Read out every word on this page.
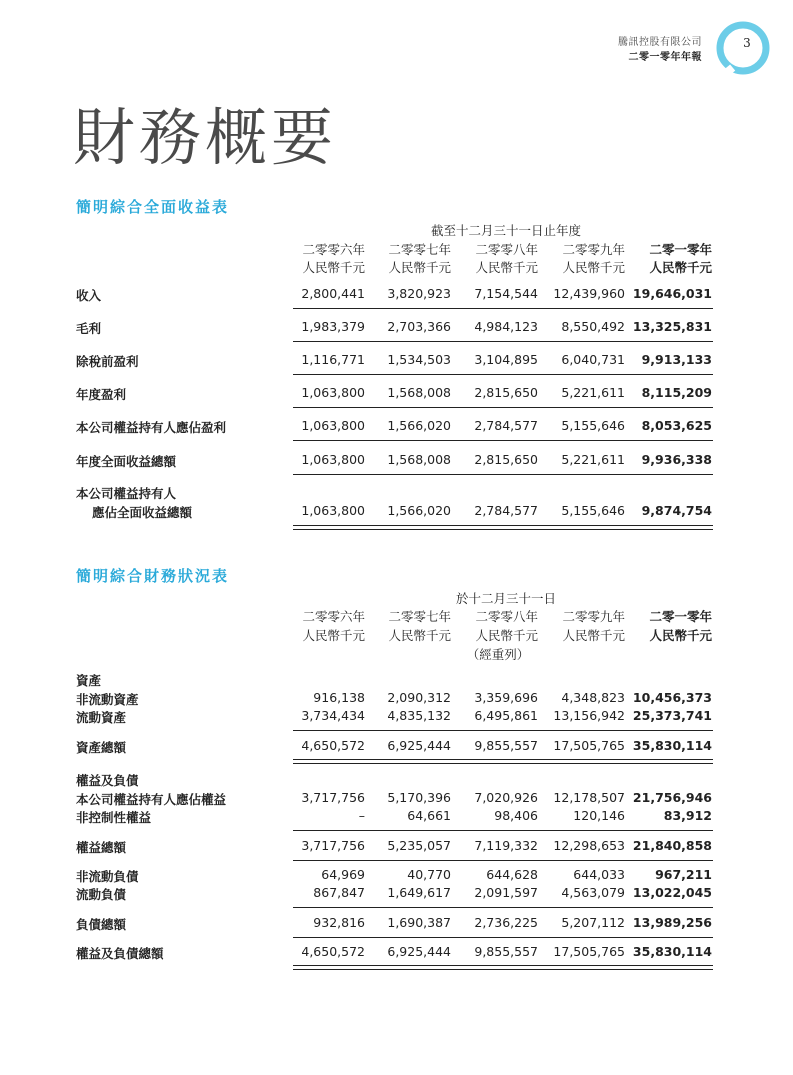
騰訊控股有限公司
二零一零年年報
3
財務概要
簡明綜合全面收益表
截至十二月三十一日止年度
二零零六年	二零零七年	二零零八年	二零零九年	二零一零年
人民幣千元	人民幣千元	人民幣千元	人民幣千元	人民幣千元
收入	2,800,441	3,820,923	7,154,544	12,439,960 19,646,031
毛利	1,983,379	2,703,366	4,984,123	8,550,492 13,325,831
除稅前盈利	1,116,771	1,534,503	3,104,895	6,040,731	9,913,133
年度盈利	1,063,800	1,568,008	2,815,650	5,221,611	8,115,209
本公司權益持有人應佔盈利	1,063,800	1,566,020	2,784,577	5,155,646	8,053,625
年度全面收益總額	1,063,800	1,568,008	2,815,650	5,221,611	9,936,338
本公司權益持有人
應佔全面收益總額	1,063,800	1,566,020	2,784,577	5,155,646	9,874,754
簡明綜合財務狀況表
於十二月三十一日
二零零六年	二零零七年	二零零八年	二零零九年	二零一零年
人民幣千元	人民幣千元	人民幣千元	人民幣千元	人民幣千元
（經重列）
資產
非流動資產	916,138	2,090,312	3,359,696	4,348,823 10,456,373
流動資產	3,734,434	4,835,132	6,495,861	13,156,942 25,373,741
資產總額	4,650,572	6,925,444	9,855,557	17,505,765 35,830,114
權益及負債
本公司權益持有人應佔權益	3,717,756	5,170,396	7,020,926	12,178,507 21,756,946
非控制性權益	–	64,661	98,406	120,146	83,912
權益總額	3,717,756	5,235,057	7,119,332	12,298,653 21,840,858
非流動負債	64,969	40,770	644,628	644,033	967,211
流動負債	867,847	1,649,617	2,091,597	4,563,079 13,022,045
負債總額	932,816	1,690,387	2,736,225	5,207,112 13,989,256
權益及負債總額	4,650,572	6,925,444	9,855,557	17,505,765 35,830,114
